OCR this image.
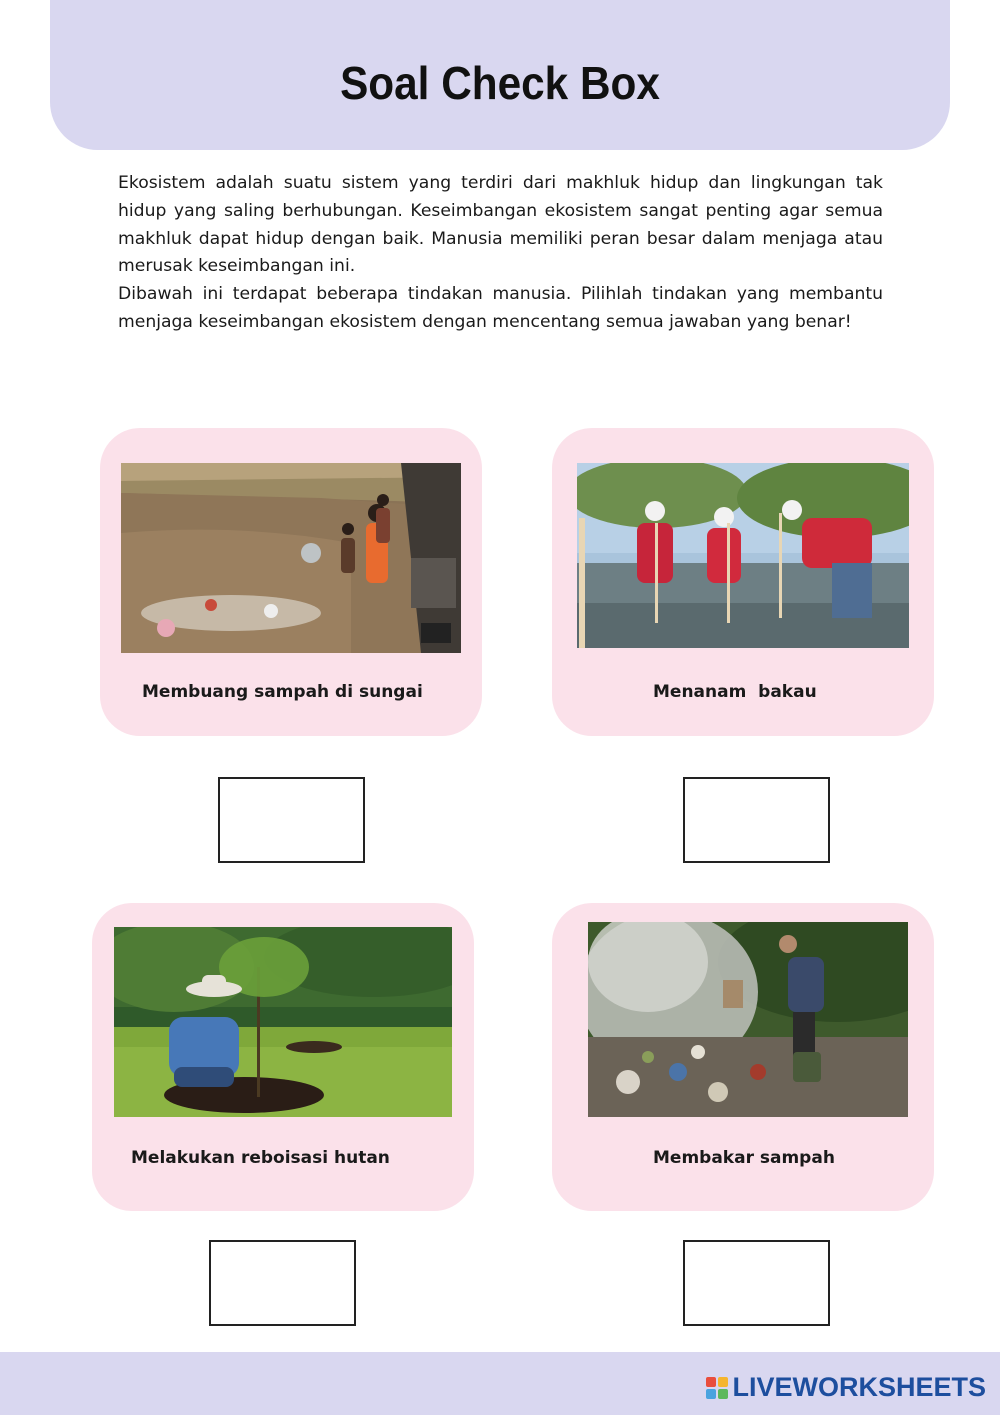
Soal Check Box

Ekosistem adalah suatu sistem yang terdiri dari makhluk hidup dan lingkungan tak hidup yang saling berhubungan. Keseimbangan ekosistem sangat penting agar semua makhluk dapat hidup dengan baik. Manusia memiliki peran besar dalam menjaga atau merusak keseimbangan ini.

Dibawah ini terdapat beberapa tindakan manusia. Pilihlah tindakan yang membantu menjaga keseimbangan ekosistem dengan mencentang semua jawaban yang benar!

Membuang sampah di sungai	Menanam  bakau
Melakukan reboisasi hutan	Membakar sampah
LIVEWORKSHEETS
